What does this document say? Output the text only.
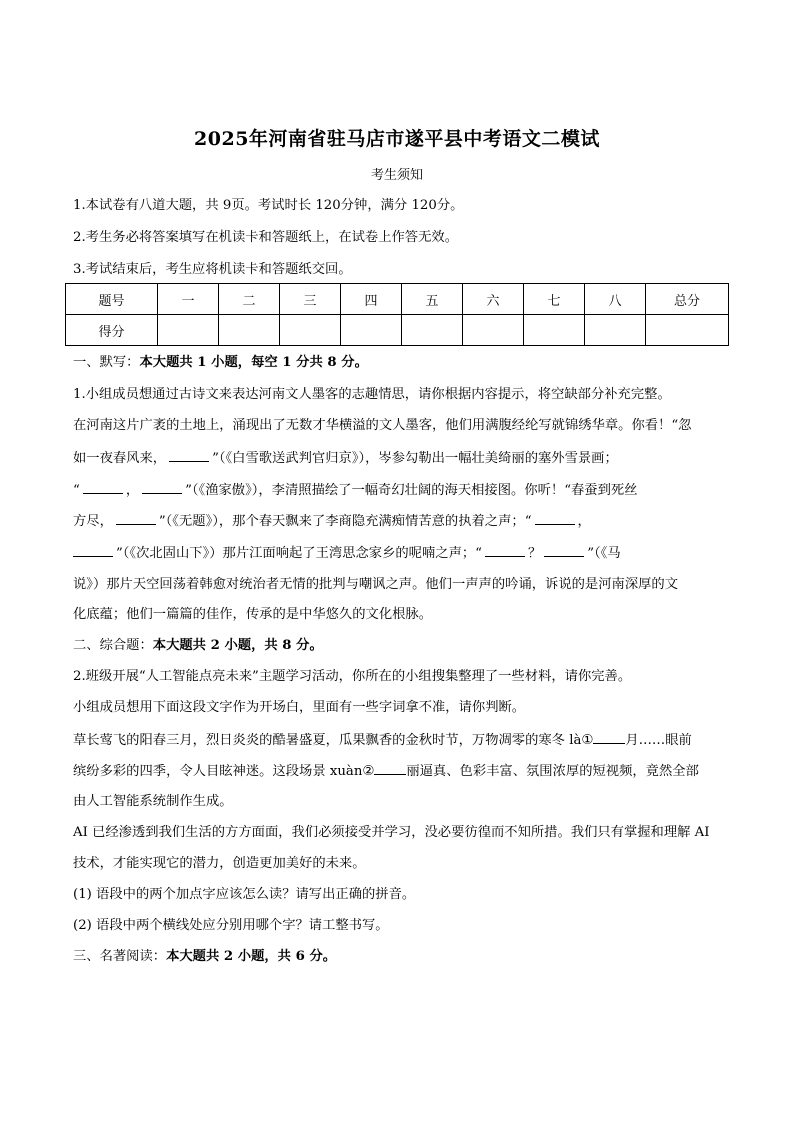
2025年河南省驻马店市遂平县中考语文二模试
考生须知
1.本试卷有八道大题，共 9页。考试时长 120分钟，满分 120分。
2.考生务必将答案填写在机读卡和答题纸上，在试卷上作答无效。
3.考试结束后，考生应将机读卡和答题纸交回。
题号	一	二	三	四	五	六	七	八	总分
得分									
一、默写：本大题共 1 小题，每空 1 分共 8 分。
1.小组成员想通过古诗文来表达河南文人墨客的志趣情思，请你根据内容提示，将空缺部分补充完整。
在河南这片广袤的土地上，涌现出了无数才华横溢的文人墨客，他们用满腹经纶写就锦绣华章。你看！“忽
如一夜春风来，	”（《白雪歌送武判官归京》），岑参勾勒出一幅壮美绮丽的塞外雪景画；
“	，	”（《渔家傲》），李清照描绘了一幅奇幻壮阔的海天相接图。你听！“春蚕到死丝
方尽，	”（《无题》），那个春天飘来了李商隐充满痴情苦意的执着之声；“	，
”（《次北固山下》）那片江面响起了王湾思念家乡的呢喃之声；“	？	”（《马
说》）那片天空回荡着韩愈对统治者无情的批判与嘲讽之声。他们一声声的吟诵，诉说的是河南深厚的文
化底蕴；他们一篇篇的佳作，传承的是中华悠久的文化根脉。
二、综合题：本大题共 2 小题，共 8 分。
2.班级开展“人工智能点亮未来”主题学习活动，你所在的小组搜集整理了一些材料，请你完善。
小组成员想用下面这段文字作为开场白，里面有一些字词拿不准，请你判断。
草长莺飞的阳春三月，烈日炎炎的酷暑盛夏，瓜果飘香的金秋时节，万物凋零的寒冬 là① 月……眼前
缤纷多彩的四季，令人目眩神迷。这段场景 xuàn② 丽逼真、色彩丰富、氛围浓厚的短视频，竟然全部
由人工智能系统制作生成。
AI 已经渗透到我们生活的方方面面，我们必须接受并学习，没必要彷徨而不知所措。我们只有掌握和理解 AI
技术，才能实现它的潜力，创造更加美好的未来。
(1) 语段中的两个加点字应该怎么读？请写出正确的拼音。
(2) 语段中两个横线处应分别用哪个字？请工整书写。
三、名著阅读：本大题共 2 小题，共 6 分。
